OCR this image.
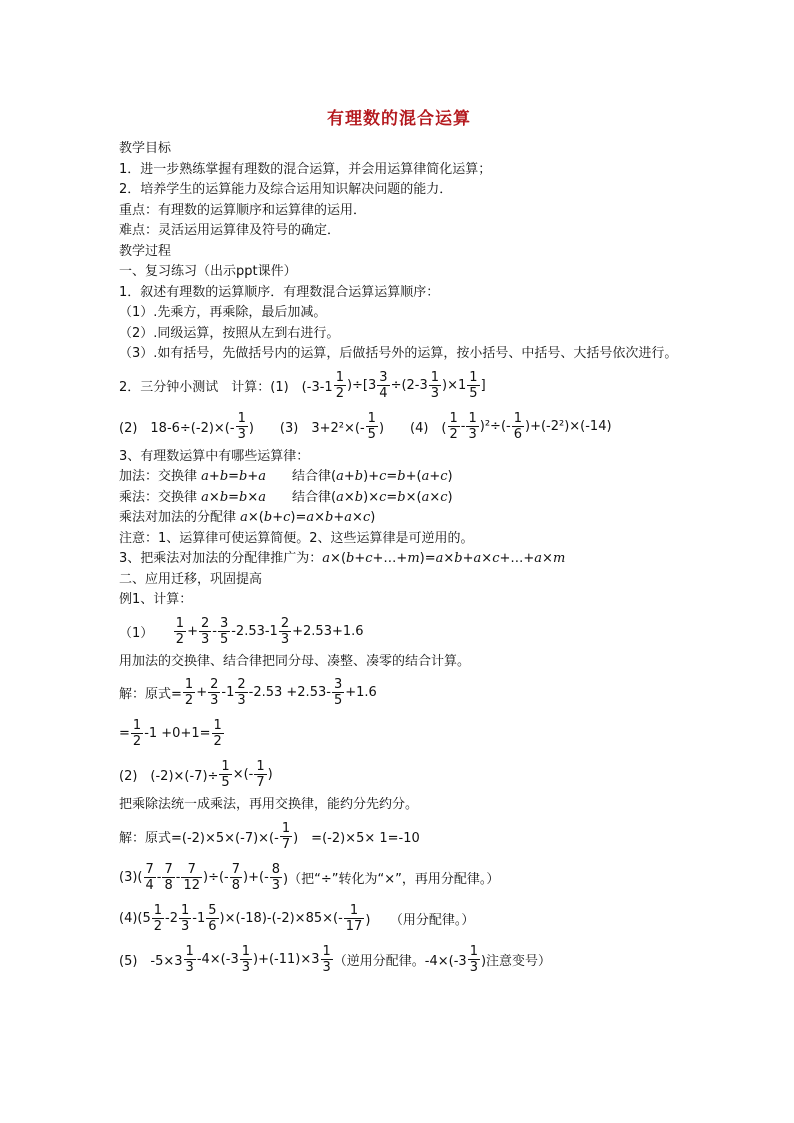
有理数的混合运算
教学目标
1．进一步熟练掌握有理数的混合运算，并会用运算律简化运算；
2．培养学生的运算能力及综合运用知识解决问题的能力．
重点：有理数的运算顺序和运算律的运用．
难点：灵活运用运算律及符号的确定．
教学过程
一、复习练习（出示ppt课件）
1．叙述有理数的运算顺序．有理数混合运算运算顺序：
（1）.先乘方，再乘除，最后加减。
（2）.同级运算，按照从左到右进行。
（3）.如有括号，先做括号内的运算，后做括号外的运算，按小括号、中括号、大括号依次进行。
2．三分钟小测试　计算：(1)　$(-3-1 \frac{1}{2} )\div[3 \frac{3}{4} \div(2-3 \frac{1}{3} )\times 1 \frac{1}{5}$ ]
(2)　$18-6\div(-2)\times(- \frac{1}{3}$ )　　(3)　$3+2^2\times(- \frac{1}{5}$ )　　(4)　( $\frac{1}{2} - \frac{1}{3} )^2\div(- \frac{1}{6} )+(-2^2)\times(-14)$
3、有理数运算中有哪些运算律：
加法：交换律 a+b=b+a　　结合律(a+b)+c=b+(a+c)
乘法：交换律 a×b=b×a　　结合律(a×b)×c=b×(a×c)
乘法对加法的分配律 a×(b+c)=a×b+a×c)
注意：1、运算律可使运算简便。2、这些运算律是可逆用的。
3、把乘法对加法的分配律推广为：a×(b+c+…+m)=a×b+a×c+…+a×m
二、应用迁移，巩固提高
例1、计算：
（1）　　 $\frac{1}{2} + \frac{2}{3} - \frac{3}{5} -2.53-1 \frac{2}{3} +2.53+1.6$
用加法的交换律、结合律把同分母、凑整、凑零的结合计算。
解：原式= $\frac{1}{2} + \frac{2}{3} -1 \frac{2}{3} -2.53 +2.53- \frac{3}{5} +1.6$
= $\frac{1}{2} -1 +0+1= \frac{1}{2}$
(2)　$(-2)\times(-7)\div \frac{1}{5}$ ×(- $\frac{1}{7}$ )
把乘除法统一成乘法，再用交换律，能约分先约分。
解：原式$=(-2)\times 5\times(-7)\times(- \frac{1}{7}$ )　=(-2)×5× 1=-10
$(3)( \frac{7}{4} - \frac{7}{8} - \frac{7}{12}$ )÷(- $\frac{7}{8}$ )+(- $\frac{8}{3}$ )（把“÷”转化为“×”，再用分配律。）
$(4)(5 \frac{1}{2} -2 \frac{1}{3} -1 \frac{5}{6} )\times(-18)-(-2)\times 85\times(- \frac{1}{17}$ )　　（用分配律。）
(5)　$-5\times 3 \frac{1}{3} -4\times(-3 \frac{1}{3} )+(-11)\times 3 \frac{1}{3}$ （逆用分配律。$-4\times(-3 \frac{1}{3}$ )注意变号）
